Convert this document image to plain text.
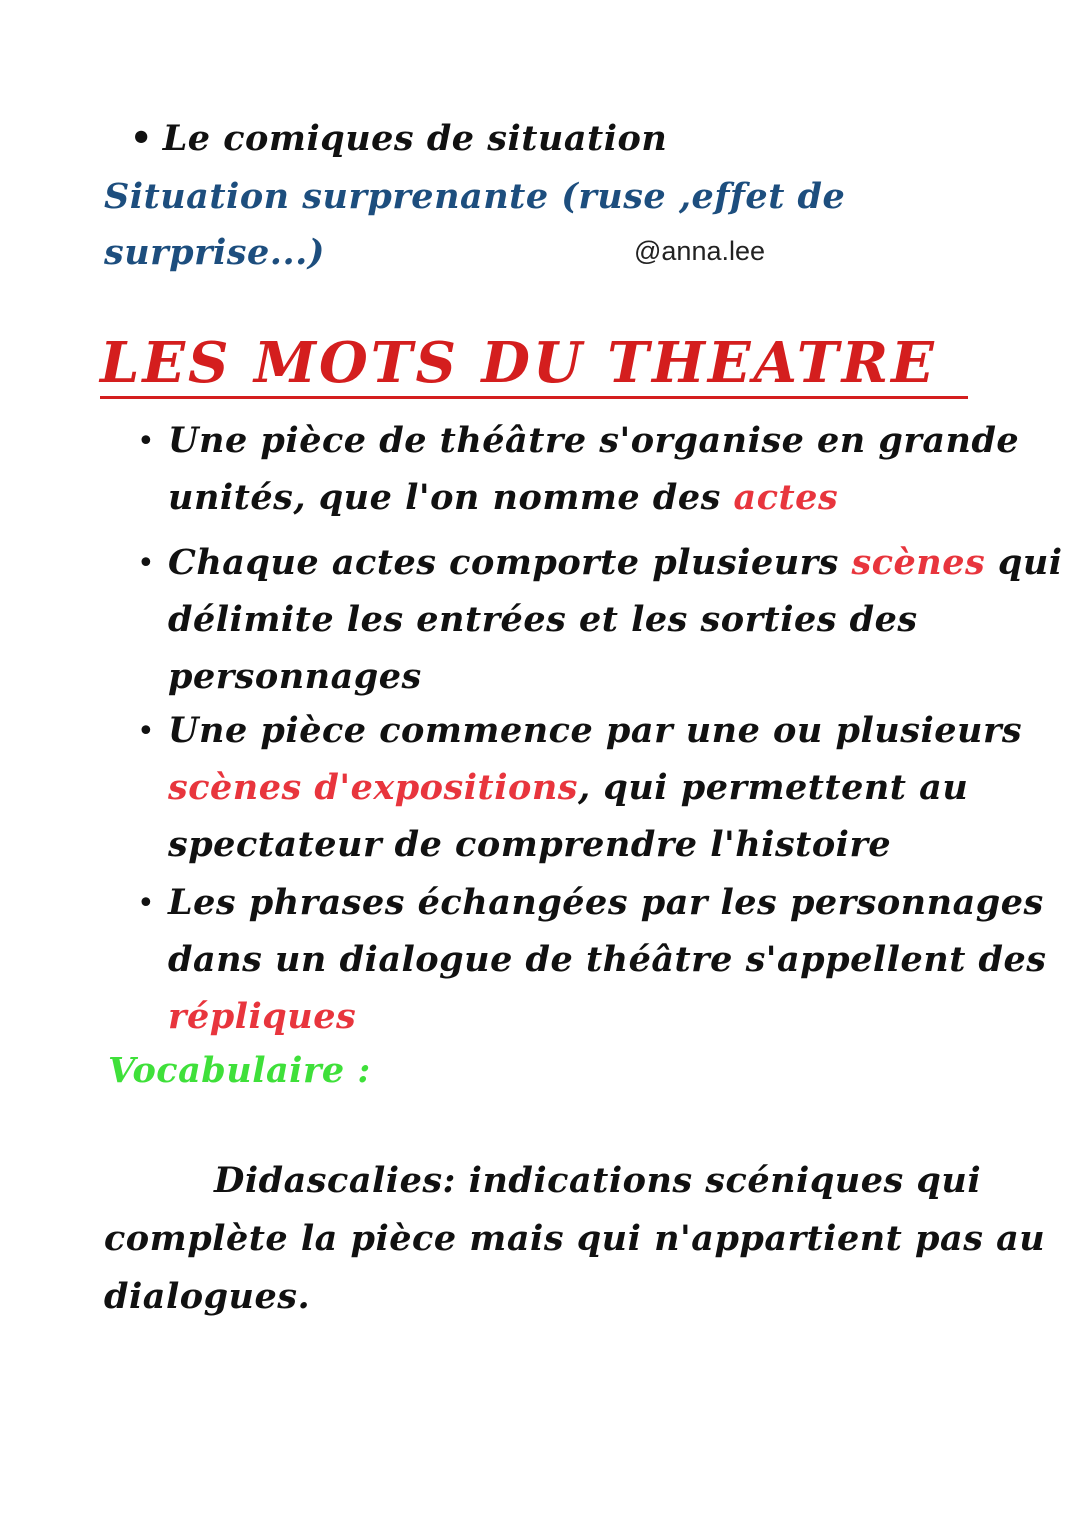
• Le comiques de situation
Situation surprenante (ruse ,effet de
surprise...)	@anna.lee
LES MOTS DU THEATRE
• Une pièce de théâtre s'organise en grande
unités, que l'on nomme des actes
• Chaque actes comporte plusieurs scènes qui
délimite les entrées et les sorties des
personnages
• Une pièce commence par une ou plusieurs
scènes d'expositions, qui permettent au
spectateur de comprendre l'histoire
• Les phrases échangées par les personnages
dans un dialogue de théâtre s'appellent des
répliques
Vocabulaire :
Didascalies: indications scéniques qui
complète la pièce mais qui n'appartient pas au
dialogues.
